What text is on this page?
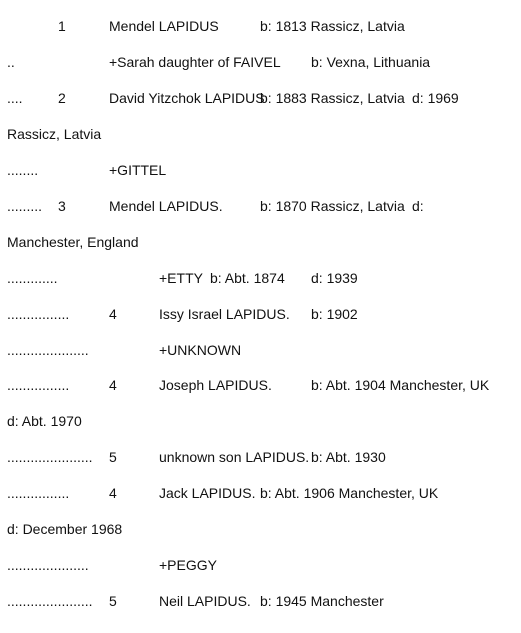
1	Mendel LAPIDUS	b: 1813 Rassicz, Latvia
..	+Sarah daughter of FAIVEL b: Vexna, Lithuania
....	2	David Yitzchok LAPIDUS
b: 1883 Rassicz, Latvia d: 1969
Rassicz, Latvia
........	+GITTEL
......... 3	Mendel LAPIDUS.	b: 1870 Rassicz, Latvia d:
Manchester, England
.............	+ETTY b: Abt. 1874 d: 1939
................	4	Issy Israel LAPIDUS. b: 1902
.....................	+UNKNOWN
................	4	Joseph LAPIDUS.	b: Abt. 1904 Manchester, UK
d: Abt. 1970
...................... 5	unknown son LAPIDUS. b: Abt. 1930
................	4	Jack LAPIDUS. b: Abt. 1906 Manchester, UK
d: December 1968
.....................	+PEGGY
...................... 5	Neil LAPIDUS. b: 1945 Manchester
